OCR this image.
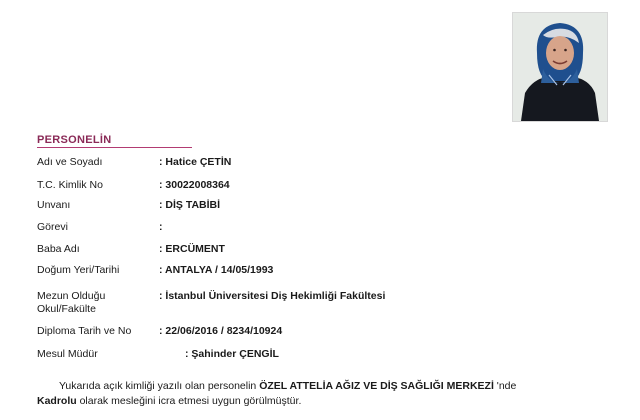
PERSONELİN
Adı ve Soyadı	: Hatice ÇETİN
T.C. Kimlik No	: 30022008364
Unvanı	: DİŞ TABİBİ
Görevi	:
Baba Adı	: ERCÜMENT
Doğum Yeri/Tarihi	: ANTALYA / 14/05/1993
Mezun Olduğu Okul/Fakülte
: İstanbul Üniversitesi Diş Hekimliği Fakültesi
Diploma Tarih ve No	: 22/06/2016 / 8234/10924
Mesul Müdür	: Şahinder ÇENGİL
Yukarıda açık kimliği yazılı olan personelin ÖZEL ATTELİA AĞIZ VE DİŞ SAĞLIĞI MERKEZİ 'nde
Kadrolu olarak mesleğini icra etmesi uygun görülmüştür.
